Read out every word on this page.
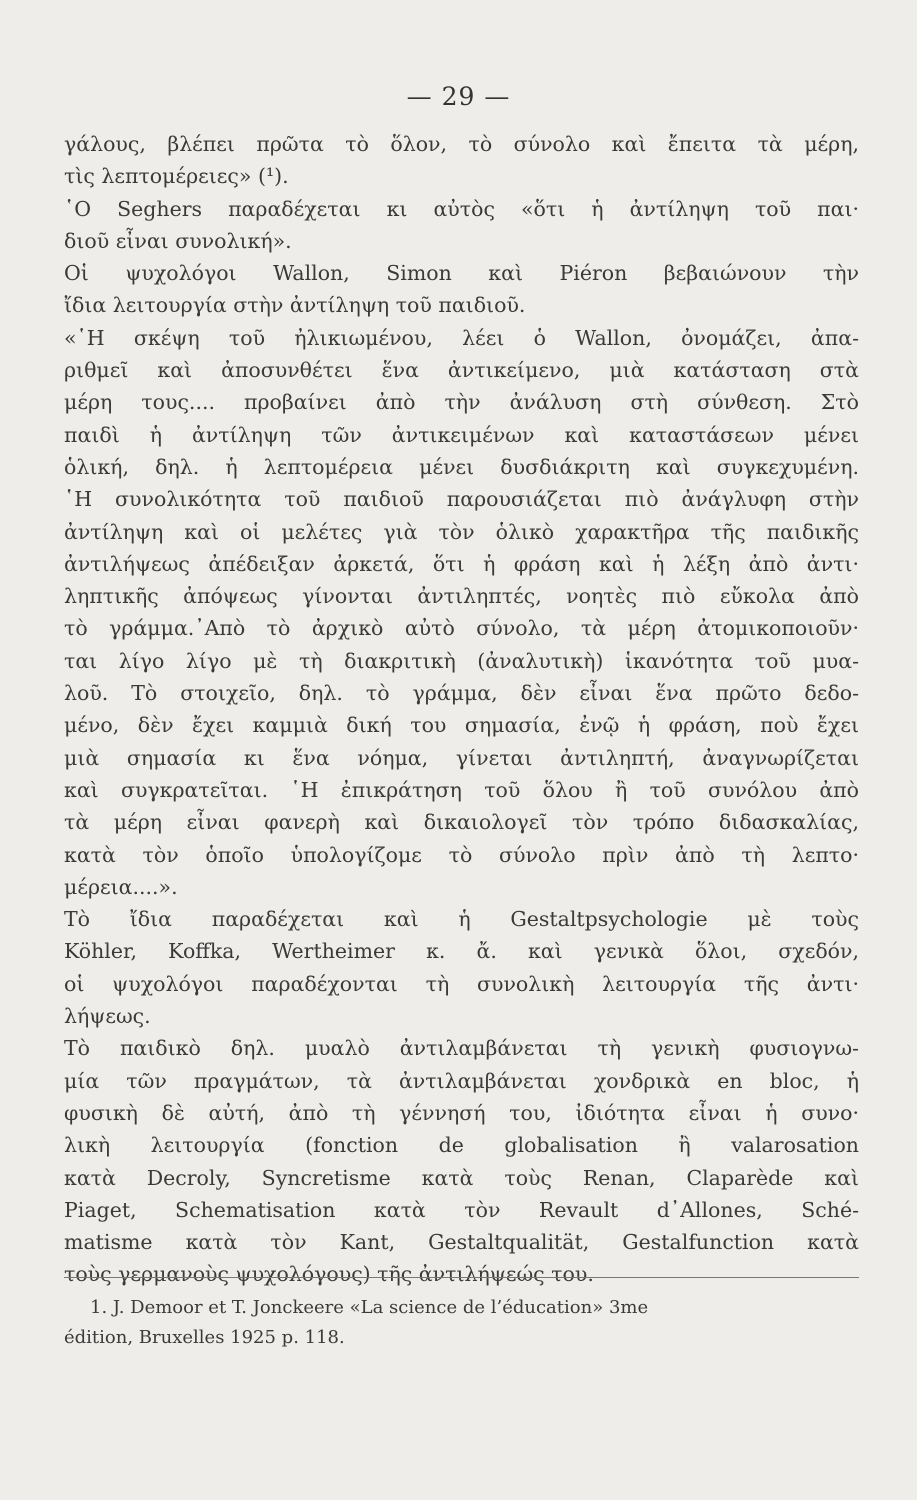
— 29 —
γάλους, βλέπει πρῶτα τὸ ὅλον, τὸ σύνολο καὶ ἔπειτα τὰ μέρη,
τὶς λεπτομέρειες» (¹).
῾Ο Seghers παραδέχεται κι αὐτὸς «ὅτι ἡ ἀντίληψη τοῦ παι·
διοῦ εἶναι συνολική».
Οἱ ψυχολόγοι Wallon, Simon καὶ Piéron βεβαιώνουν τὴν
ἴδια λειτουργία στὴν ἀντίληψη τοῦ παιδιοῦ.
«῾Η σκέψη τοῦ ἠλικιωμένου, λέει ὁ Wallon, ὀνομάζει, ἀπα-
ριθμεῖ καὶ ἀποσυνθέτει ἕνα ἀντικείμενο, μιὰ κατάσταση στὰ
μέρη τους.... προβαίνει ἀπὸ τὴν ἀνάλυση στὴ σύνθεση. Στὸ
παιδὶ ἡ ἀντίληψη τῶν ἀντικειμένων καὶ καταστάσεων μένει
ὁλική, δηλ. ἡ λεπτομέρεια μένει δυσδιάκριτη καὶ συγκεχυμένη.
῾Η συνολικότητα τοῦ παιδιοῦ παρουσιάζεται πιὸ ἀνάγλυφη στὴν
ἀντίληψη καὶ οἱ μελέτες γιὰ τὸν ὁλικὸ χαρακτῆρα τῆς παιδικῆς
ἀντιλήψεως ἀπέδειξαν ἀρκετά, ὅτι ἡ φράση καὶ ἡ λέξη ἀπὸ ἀντι·
ληπτικῆς ἀπόψεως γίνονται ἀντιληπτές, νοητὲς πιὸ εὔκολα ἀπὸ
τὸ γράμμα.᾿Απὸ τὸ ἀρχικὸ αὐτὸ σύνολο, τὰ μέρη ἀτομικοποιοῦν·
ται λίγο λίγο μὲ τὴ διακριτικὴ (ἀναλυτικὴ) ἱκανότητα τοῦ μυα-
λοῦ. Τὸ στοιχεῖο, δηλ. τὸ γράμμα, δὲν εἶναι ἕνα πρῶτο δεδο-
μένο, δὲν ἔχει καμμιὰ δική του σημασία, ἐνῷ ἡ φράση, ποὺ ἔχει
μιὰ σημασία κι ἕνα νόημα, γίνεται ἀντιληπτή, ἀναγνωρίζεται
καὶ συγκρατεῖται. ῾Η ἐπικράτηση τοῦ ὅλου ἢ τοῦ συνόλου ἀπὸ
τὰ μέρη εἶναι φανερὴ καὶ δικαιολογεῖ τὸν τρόπο διδασκαλίας,
κατὰ τὸν ὁποῖο ὑπολογίζομε τὸ σύνολο πρὶν ἀπὸ τὴ λεπτο·
μέρεια....».
Τὸ ἴδια παραδέχεται καὶ ἡ Gestaltpsychologie μὲ τοὺς
Köhler, Koffka, Wertheimer κ. ἄ. καὶ γενικὰ ὅλοι, σχεδόν,
οἱ ψυχολόγοι παραδέχονται τὴ συνολικὴ λειτουργία τῆς ἀντι·
λήψεως.
Τὸ παιδικὸ δηλ. μυαλὸ ἀντιλαμβάνεται τὴ γενικὴ φυσιογνω-
μία τῶν πραγμάτων, τὰ ἀντιλαμβάνεται χονδρικὰ en bloc, ἡ
φυσικὴ δὲ αὐτή, ἀπὸ τὴ γέννησή του, ἰδιότητα εἶναι ἡ συνο·
λικὴ λειτουργία (fonction de globalisation ἢ valarosation
κατὰ Decroly, Syncretisme κατὰ τοὺς Renan, Claparède καὶ
Piaget, Schematisation κατὰ τὸν Revault d᾿Allones, Sché-
matisme κατὰ τὸν Kant, Gestaltqualität, Gestalfunction κατὰ
τοὺς γερμανοὺς ψυχολόγους) τῆς ἀντιλήψεώς του.
1. J. Demoor et T. Jonckeere «La science de l’éducation» 3me
édition, Bruxelles 1925 p. 118.
